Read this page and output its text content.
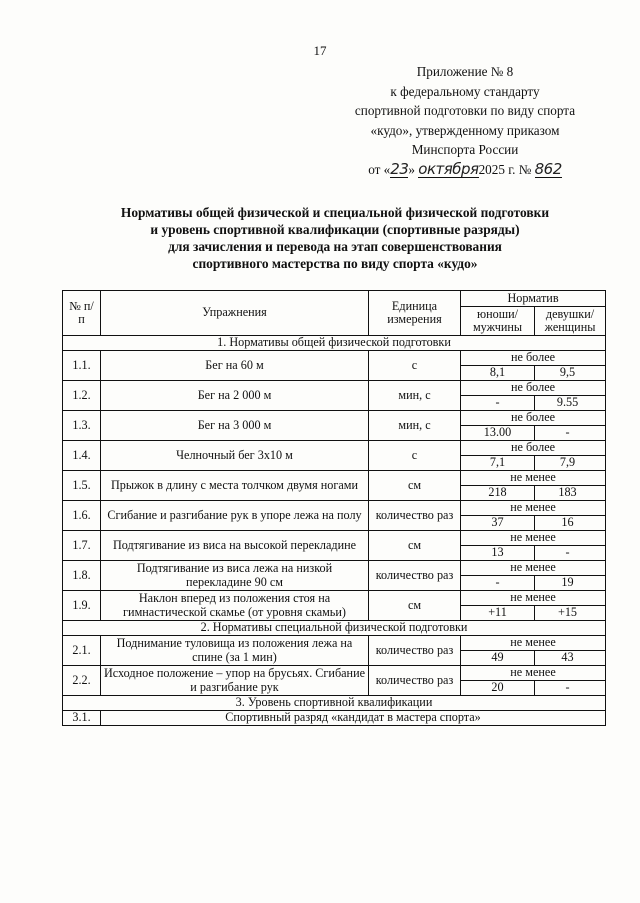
17
Приложение № 8
к федеральному стандарту
спортивной подготовки по виду спорта
«кудо», утвержденному приказом
Минспорта России
от «23» октября2025 г. № 862
Нормативы общей физической и специальной физической подготовки
и уровень спортивной квалификации (спортивные разряды)
для зачисления и перевода на этап совершенствования
спортивного мастерства по виду спорта «кудо»
№ п/п	Упражнения	Единица измерения	Норматив	
			юноши/ мужчины	девушки/ женщины
1. Нормативы общей физической подготовки				
1.1.	Бег на 60 м	с	не более	
			8,1	9,5
1.2.	Бег на 2 000 м	мин, с	не более	
			-	9.55
1.3.	Бег на 3 000 м	мин, с	не более	
			13.00	-
1.4.	Челночный бег 3х10 м	с	не более	
			7,1	7,9
1.5.	Прыжок в длину с места толчком двумя ногами	см	не менее	
			218	183
1.6.	Сгибание и разгибание рук в упоре лежа на полу	количество раз	не менее	
			37	16
1.7.	Подтягивание из виса на высокой перекладине	см	не менее	
			13	-
1.8.	Подтягивание из виса лежа на низкой перекладине 90 см	количество раз	не менее	
			-	19
1.9.	Наклон вперед из положения стоя на гимнастической скамье (от уровня скамьи)	см	не менее	
			+11	+15
2. Нормативы специальной физической подготовки				
2.1.	Поднимание туловища из положения лежа на спине (за 1 мин)	количество раз	не менее	
			49	43
2.2.	Исходное положение – упор на брусьях. Сгибание и разгибание рук	количество раз	не менее	
			20	-
3. Уровень спортивной квалификации				
3.1.	Спортивный разряд «кандидат в мастера спорта»			
